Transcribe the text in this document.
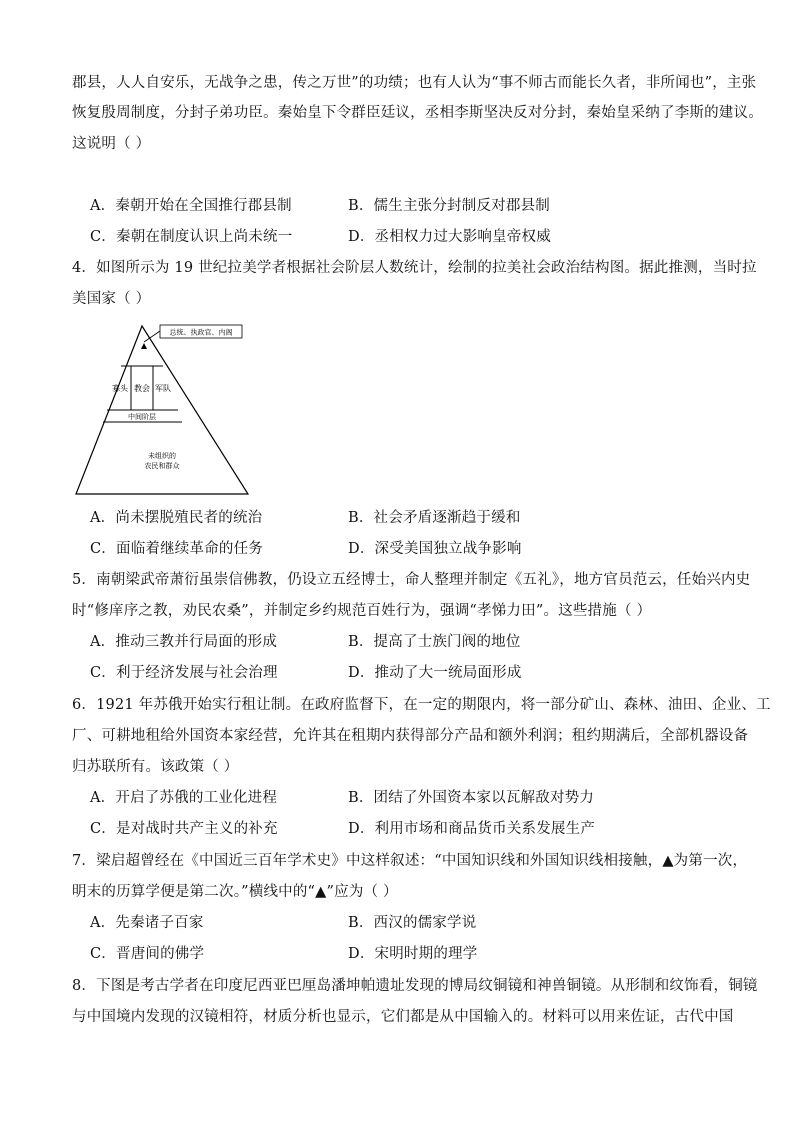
郡县，人人自安乐，无战争之患，传之万世”的功绩；也有人认为“事不师古而能长久者，非所闻也”，主张
恢复殷周制度，分封子弟功臣。秦始皇下令群臣廷议，丞相李斯坚决反对分封，秦始皇采纳了李斯的建议。
这说明（ ）
A．秦朝开始在全国推行郡县制	B．儒生主张分封制反对郡县制
C．秦朝在制度认识上尚未统一	D．丞相权力过大影响皇帝权威
4．如图所示为 19 世纪拉美学者根据社会阶层人数统计，绘制的拉美社会政治结构图。据此推测，当时拉
美国家（ ）
总统、执政官、内阁
寡头 教会 军队
中间阶层
未组织的
农民和群众
A．尚未摆脱殖民者的统治	B．社会矛盾逐渐趋于缓和
C．面临着继续革命的任务	D．深受美国独立战争影响
5．南朝梁武帝萧衍虽崇信佛教，仍设立五经博士，命人整理并制定《五礼》，地方官员范云，任始兴内史
时“修庠序之教，劝民农桑”，并制定乡约规范百姓行为，强调“孝悌力田”。这些措施（ ）
A．推动三教并行局面的形成	B．提高了士族门阀的地位
C．利于经济发展与社会治理	D．推动了大一统局面形成
6．1921 年苏俄开始实行租让制。在政府监督下，在一定的期限内，将一部分矿山、森林、油田、企业、工
厂、可耕地租给外国资本家经营，允许其在租期内获得部分产品和额外利润；租约期满后，全部机器设备
归苏联所有。该政策（ ）
A．开启了苏俄的工业化进程	B．团结了外国资本家以瓦解敌对势力
C．是对战时共产主义的补充	D．利用市场和商品货币关系发展生产
7．梁启超曾经在《中国近三百年学术史》中这样叙述：“中国知识线和外国知识线相接触，▲为第一次，
明末的历算学便是第二次。”横线中的“▲”应为（ ）
A．先秦诸子百家	B．西汉的儒家学说
C．晋唐间的佛学	D．宋明时期的理学
8．下图是考古学者在印度尼西亚巴厘岛潘坤帕遗址发现的博局纹铜镜和神兽铜镜。从形制和纹饰看，铜镜
与中国境内发现的汉镜相符，材质分析也显示，它们都是从中国输入的。材料可以用来佐证，古代中国
